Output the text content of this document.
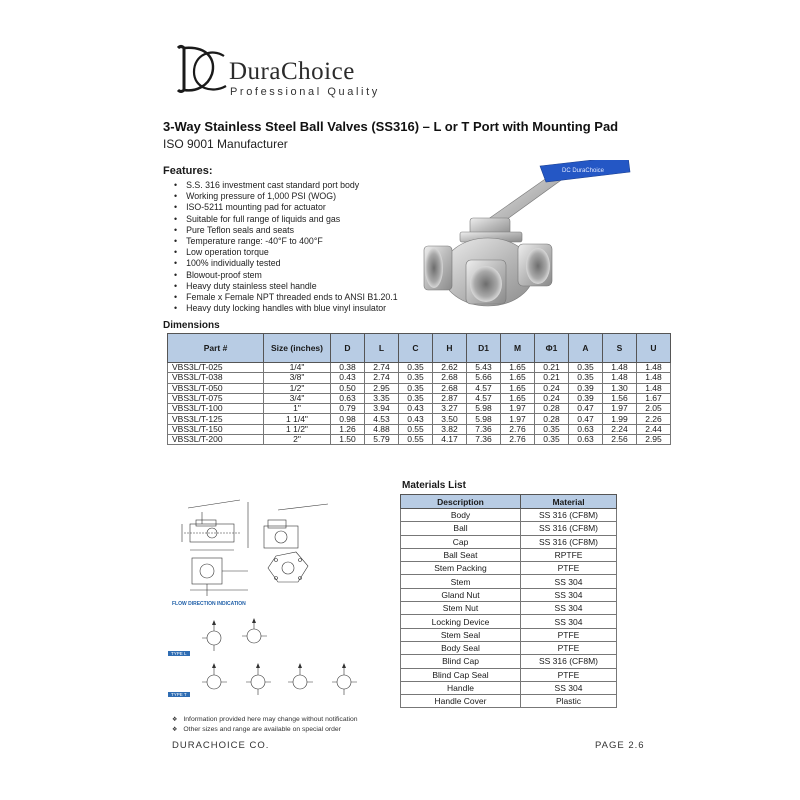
DuraChoice
Professional Quality
3-Way Stainless Steel Ball Valves (SS316) – L or T Port with Mounting Pad
ISO 9001 Manufacturer
Features:
• S.S. 316 investment cast standard port body
• Working pressure of 1,000 PSI (WOG)
• ISO-5211 mounting pad for actuator
• Suitable for full range of liquids and gas
• Pure Teflon seals and seats
• Temperature range: -40°F to 400°F
• Low operation torque
• 100% individually tested
• Blowout-proof stem
• Heavy duty stainless steel handle
• Female x Female NPT threaded ends to ANSI B1.20.1
• Heavy duty locking handles with blue vinyl insulator
DC DuraChoice
Dimensions
Part #	Size (inches)	D	L	C	H	D1	M	Φ1	A	S	U
VBS3L/T-025	1/4"	0.38	2.74	0.35	2.62	5.43	1.65	0.21	0.35	1.48	1.48
VBS3L/T-038	3/8"	0.43	2.74	0.35	2.68	5.66	1.65	0.21	0.35	1.48	1.48
VBS3L/T-050	1/2"	0.50	2.95	0.35	2.68	4.57	1.65	0.24	0.39	1.30	1.48
VBS3L/T-075	3/4"	0.63	3.35	0.35	2.87	4.57	1.65	0.24	0.39	1.56	1.67
VBS3L/T-100	1"	0.79	3.94	0.43	3.27	5.98	1.97	0.28	0.47	1.97	2.05
VBS3L/T-125	1 1/4"	0.98	4.53	0.43	3.50	5.98	1.97	0.28	0.47	1.99	2.26
VBS3L/T-150	1 1/2"	1.26	4.88	0.55	3.82	7.36	2.76	0.35	0.63	2.24	2.44
VBS3L/T-200	2"	1.50	5.79	0.55	4.17	7.36	2.76	0.35	0.63	2.56	2.95
FLOW DIRECTION INDICATION
TYPE L
TYPE T
Materials List
Description	Material
Body	SS 316 (CF8M)
Ball	SS 316 (CF8M)
Cap	SS 316 (CF8M)
Ball Seat	RPTFE
Stem Packing	PTFE
Stem	SS 304
Gland Nut	SS 304
Stem Nut	SS 304
Locking Device	SS 304
Stem Seal	PTFE
Body Seal	PTFE
Blind Cap	SS 316 (CF8M)
Blind Cap Seal	PTFE
Handle	SS 304
Handle Cover	Plastic
❖ Information provided here may change without notification
❖ Other sizes and range are available on special order
DURACHOICE CO.	PAGE 2.6
